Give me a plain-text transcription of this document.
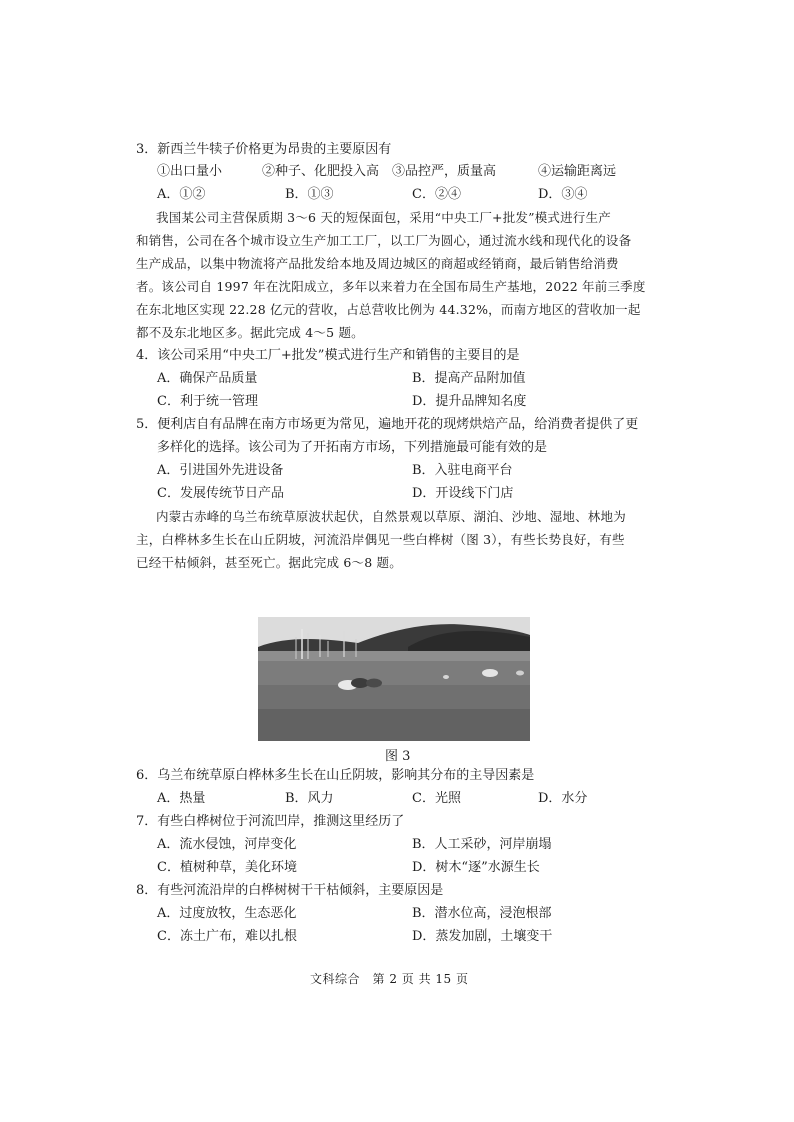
3．新西兰牛犊子价格更为昂贵的主要原因有
①出口量小	②种子、化肥投入高 ③品控严，质量高	④运输距离远
A．①②	B．①③	C．②④	D．③④
我国某公司主营保质期 3～6 天的短保面包，采用“中央工厂+批发”模式进行生产
和销售，公司在各个城市设立生产加工工厂，以工厂为圆心，通过流水线和现代化的设备
生产成品，以集中物流将产品批发给本地及周边城区的商超或经销商，最后销售给消费
者。该公司自 1997 年在沈阳成立，多年以来着力在全国布局生产基地，2022 年前三季度
在东北地区实现 22.28 亿元的营收，占总营收比例为 44.32%，而南方地区的营收加一起
都不及东北地区多。据此完成 4～5 题。
4．该公司采用“中央工厂+批发”模式进行生产和销售的主要目的是
A．确保产品质量	B．提高产品附加值
C．利于统一管理	D．提升品牌知名度
5．便利店自有品牌在南方市场更为常见，遍地开花的现烤烘焙产品，给消费者提供了更
多样化的选择。该公司为了开拓南方市场，下列措施最可能有效的是
A．引进国外先进设备	B．入驻电商平台
C．发展传统节日产品	D．开设线下门店
内蒙古赤峰的乌兰布统草原波状起伏，自然景观以草原、湖泊、沙地、湿地、林地为
主，白桦林多生长在山丘阴坡，河流沿岸偶见一些白桦树（图 3），有些长势良好，有些
已经干枯倾斜，甚至死亡。据此完成 6～8 题。
图 3
6．乌兰布统草原白桦林多生长在山丘阴坡，影响其分布的主导因素是
A．热量	B．风力	C．光照	D．水分
7．有些白桦树位于河流凹岸，推测这里经历了
A．流水侵蚀，河岸变化	B．人工采砂，河岸崩塌
C．植树种草，美化环境	D．树木“逐”水源生长
8．有些河流沿岸的白桦树树干干枯倾斜，主要原因是
A．过度放牧，生态恶化	B．潜水位高，浸泡根部
C．冻土广布，难以扎根	D．蒸发加剧，土壤变干
文科综合　第 2 页 共 15 页
